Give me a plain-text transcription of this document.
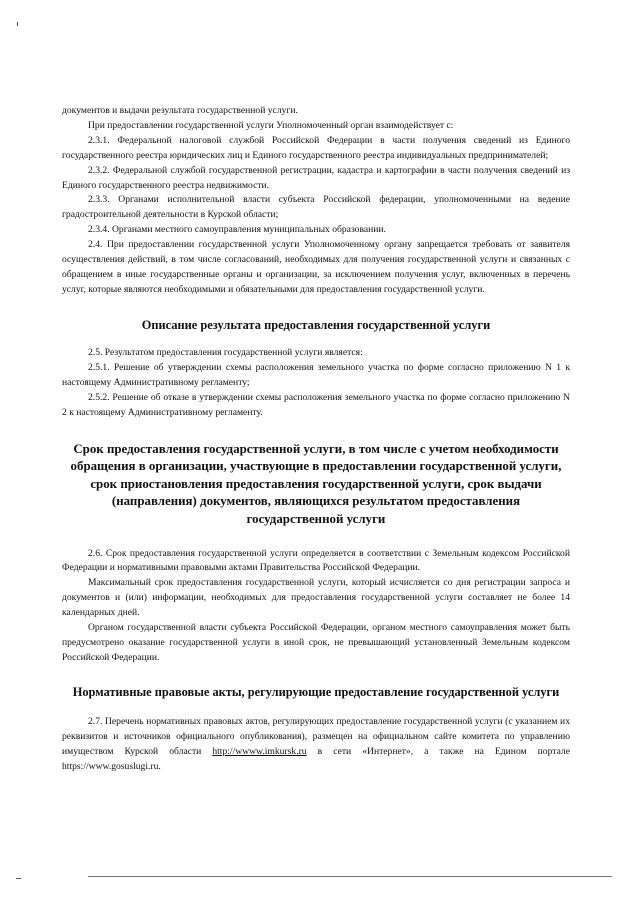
документов и выдачи результата государственной услуги.

При предоставлении государственной услуги Уполномоченный орган взаимодействует с:

2.3.1. Федеральной налоговой службой Российской Федерации в части получения сведений из Единого государственного реестра юридических лиц и Единого государственного реестра индивидуальных предпринимателей;

2.3.2. Федеральной службой государственной регистрации, кадастра и картографии в части получения сведений из Единого государственного реестра недвижимости.

2.3.3. Органами исполнительной власти субъекта Российской федерации, уполномоченными на ведение градостроительной деятельности в Курской области;

2.3.4. Органами местного самоуправления муниципальных образовании.

2.4. При предоставлении государственной услуги Уполномоченному органу запрещается требовать от заявителя осуществления действий, в том числе согласований, необходимых для получения государственной услуги и связанных с обращением в иные государственные органы и организации, за исключением получения услуг, включенных в перечень услуг, которые являются необходимыми и обязательными для предоставления государственной услуги.

Описание результата предоставления государственной услуги

2.5. Результатом предоставления государственной услуги является:

2.5.1. Решение об утверждении схемы расположения земельного участка по форме согласно приложению N 1 к настоящему Административному регламенту;

2.5.2. Решение об отказе в утверждении схемы расположения земельного участка по форме согласно приложению N 2 к настоящему Административному регламенту.

Срок предоставления государственной услуги, в том числе с учетом необходимости обращения в организации, участвующие в предоставлении государственной услуги, срок приостановления предоставления государственной услуги, срок выдачи (направления) документов, являющихся результатом предоставления государственной услуги

2.6. Срок предоставления государственной услуги определяется в соответствии с Земельным кодексом Российской Федерации и нормативными правовыми актами Правительства Российской Федерации.

Максимальный срок предоставления государственной услуги, который исчисляется со дня регистрации запроса и документов и (или) информации, необходимых для предоставления государственной услуги составляет не более 14 календарных дней.

Органом государственной власти субъекта Российской Федерации, органом местного самоуправления может быть предусмотрено оказание государственной услуги в иной срок, не превышающий установленный Земельным кодексом Российской Федерации.

Нормативные правовые акты, регулирующие предоставление государственной услуги

2.7. Перечень нормативных правовых актов, регулирующих предоставление государственной услуги (с указанием их реквизитов и источников официального опубликования), размещен на официальном сайте комитета по управлению имуществом Курской области http://wwww.imkursk.ru в сети «Интернет», а также на Едином портале https://www.gosuslugi.ru.
